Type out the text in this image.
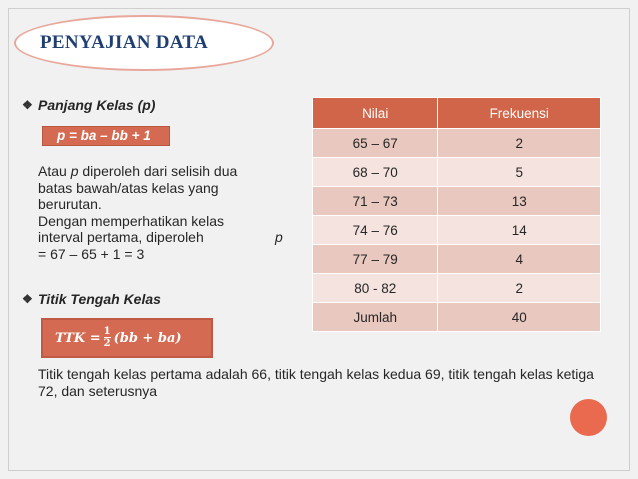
PENYAJIAN DATA
❖ Panjang Kelas (p)
p = ba – bb + 1
Atau p diperoleh dari selisih dua
batas bawah/atas kelas yang
berurutan.
Dengan memperhatikan kelas
interval pertama, diperoleh
= 67 – 65 + 1 = 3
p
Nilai	Frekuensi
65 – 67	2
68 – 70	5
71 – 73	13
74 – 76	14
77 – 79	4
80 - 82	2
Jumlah	40
❖ Titik Tengah Kelas
TTK = $\frac{1}{2} (bb + ba)$
Titik tengah kelas pertama adalah 66, titik tengah kelas kedua 69, titik tengah kelas ketiga 72, dan seterusnya
